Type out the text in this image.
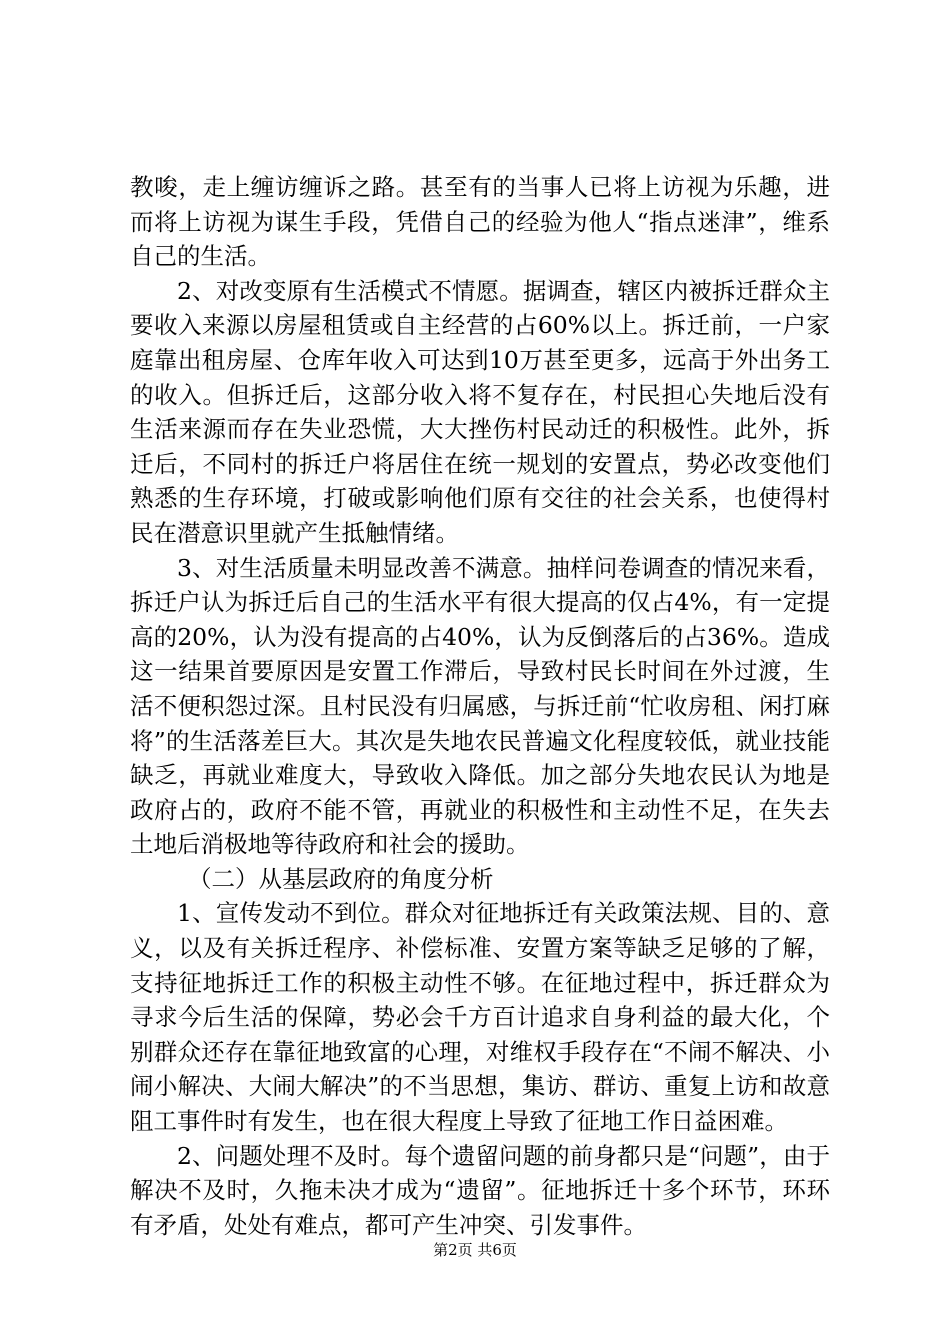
教唆，走上缠访缠诉之路。甚至有的当事人已将上访视为乐趣，进而将上访视为谋生手段，凭借自己的经验为他人“指点迷津”，维系自己的生活。

2、对改变原有生活模式不情愿。据调查，辖区内被拆迁群众主要收入来源以房屋租赁或自主经营的占60%以上。拆迁前，一户家庭靠出租房屋、仓库年收入可达到10万甚至更多，远高于外出务工的收入。但拆迁后，这部分收入将不复存在，村民担心失地后没有生活来源而存在失业恐慌，大大挫伤村民动迁的积极性。此外，拆迁后，不同村的拆迁户将居住在统一规划的安置点，势必改变他们熟悉的生存环境，打破或影响他们原有交往的社会关系，也使得村民在潜意识里就产生抵触情绪。

3、对生活质量未明显改善不满意。抽样问卷调查的情况来看，拆迁户认为拆迁后自己的生活水平有很大提高的仅占4%，有一定提高的20%，认为没有提高的占40%，认为反倒落后的占36%。造成这一结果首要原因是安置工作滞后，导致村民长时间在外过渡，生活不便积怨过深。且村民没有归属感，与拆迁前“忙收房租、闲打麻将”的生活落差巨大。其次是失地农民普遍文化程度较低，就业技能缺乏，再就业难度大，导致收入降低。加之部分失地农民认为地是政府占的，政府不能不管，再就业的积极性和主动性不足，在失去土地后消极地等待政府和社会的援助。

（二）从基层政府的角度分析

1、宣传发动不到位。群众对征地拆迁有关政策法规、目的、意义，以及有关拆迁程序、补偿标准、安置方案等缺乏足够的了解，支持征地拆迁工作的积极主动性不够。在征地过程中，拆迁群众为寻求今后生活的保障，势必会千方百计追求自身利益的最大化，个别群众还存在靠征地致富的心理，对维权手段存在“不闹不解决、小闹小解决、大闹大解决”的不当思想，集访、群访、重复上访和故意阻工事件时有发生，也在很大程度上导致了征地工作日益困难。

2、问题处理不及时。每个遗留问题的前身都只是“问题”，由于解决不及时，久拖未决才成为“遗留”。征地拆迁十多个环节，环环有矛盾，处处有难点，都可产生冲突、引发事件。

第2页 共6页
